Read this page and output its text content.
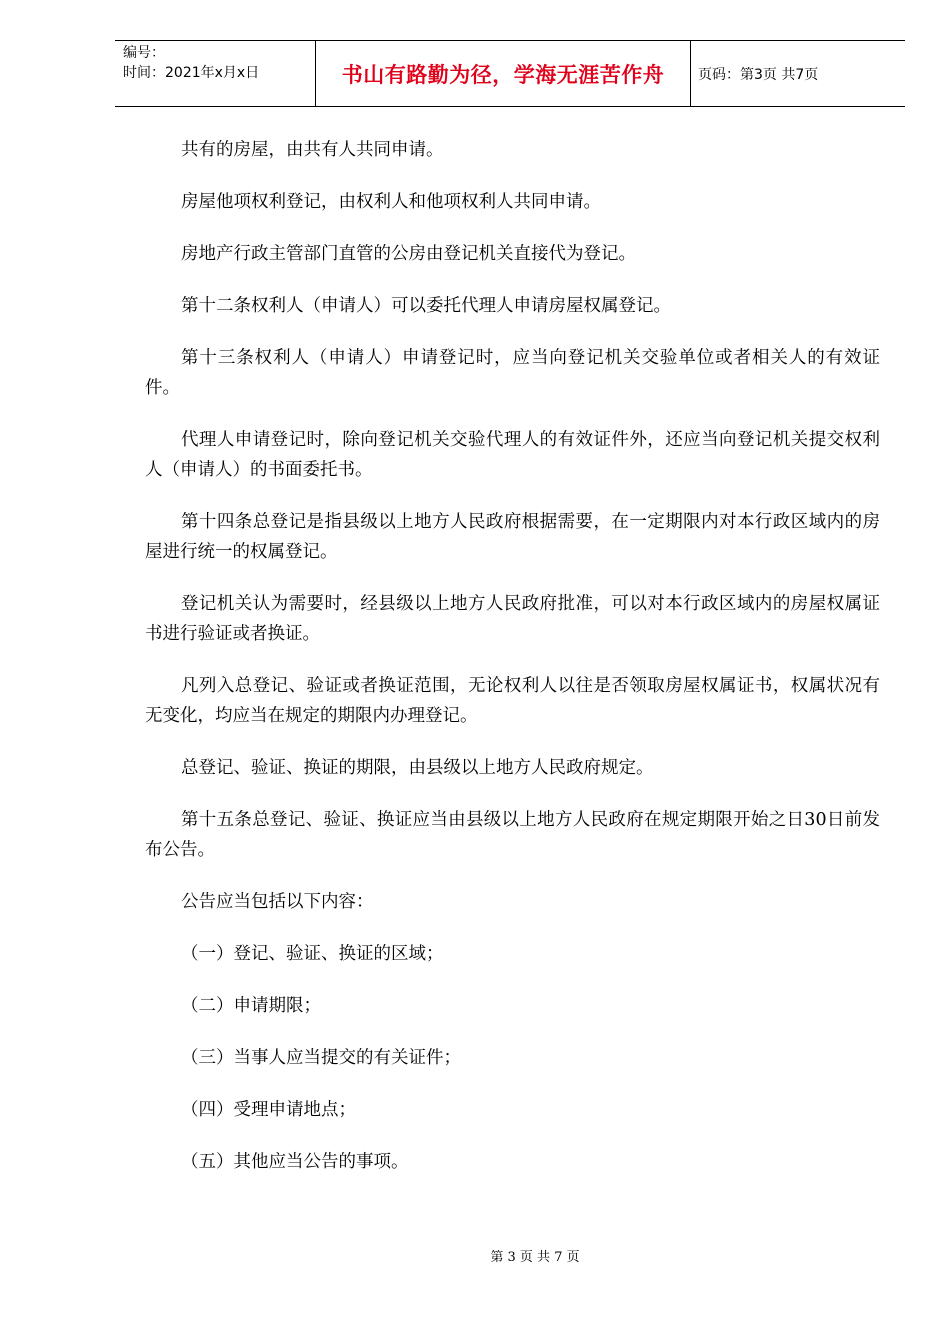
编号：
时间：2021年x月x日	书山有路勤为径，学海无涯苦作舟 页码：第3页 共7页

共有的房屋，由共有人共同申请。

房屋他项权利登记，由权利人和他项权利人共同申请。

房地产行政主管部门直管的公房由登记机关直接代为登记。

第十二条权利人（申请人）可以委托代理人申请房屋权属登记。

第十三条权利人（申请人）申请登记时，应当向登记机关交验单位或者相关人的有效证件。

代理人申请登记时，除向登记机关交验代理人的有效证件外，还应当向登记机关提交权利人（申请人）的书面委托书。

第十四条总登记是指县级以上地方人民政府根据需要，在一定期限内对本行政区域内的房屋进行统一的权属登记。

登记机关认为需要时，经县级以上地方人民政府批准，可以对本行政区域内的房屋权属证书进行验证或者换证。

凡列入总登记、验证或者换证范围，无论权利人以往是否领取房屋权属证书，权属状况有无变化，均应当在规定的期限内办理登记。

总登记、验证、换证的期限，由县级以上地方人民政府规定。

第十五条总登记、验证、换证应当由县级以上地方人民政府在规定期限开始之日30日前发布公告。

公告应当包括以下内容：

（一）登记、验证、换证的区域；

（二）申请期限；

（三）当事人应当提交的有关证件；

（四）受理申请地点；

（五）其他应当公告的事项。

第 3 页 共 7 页
